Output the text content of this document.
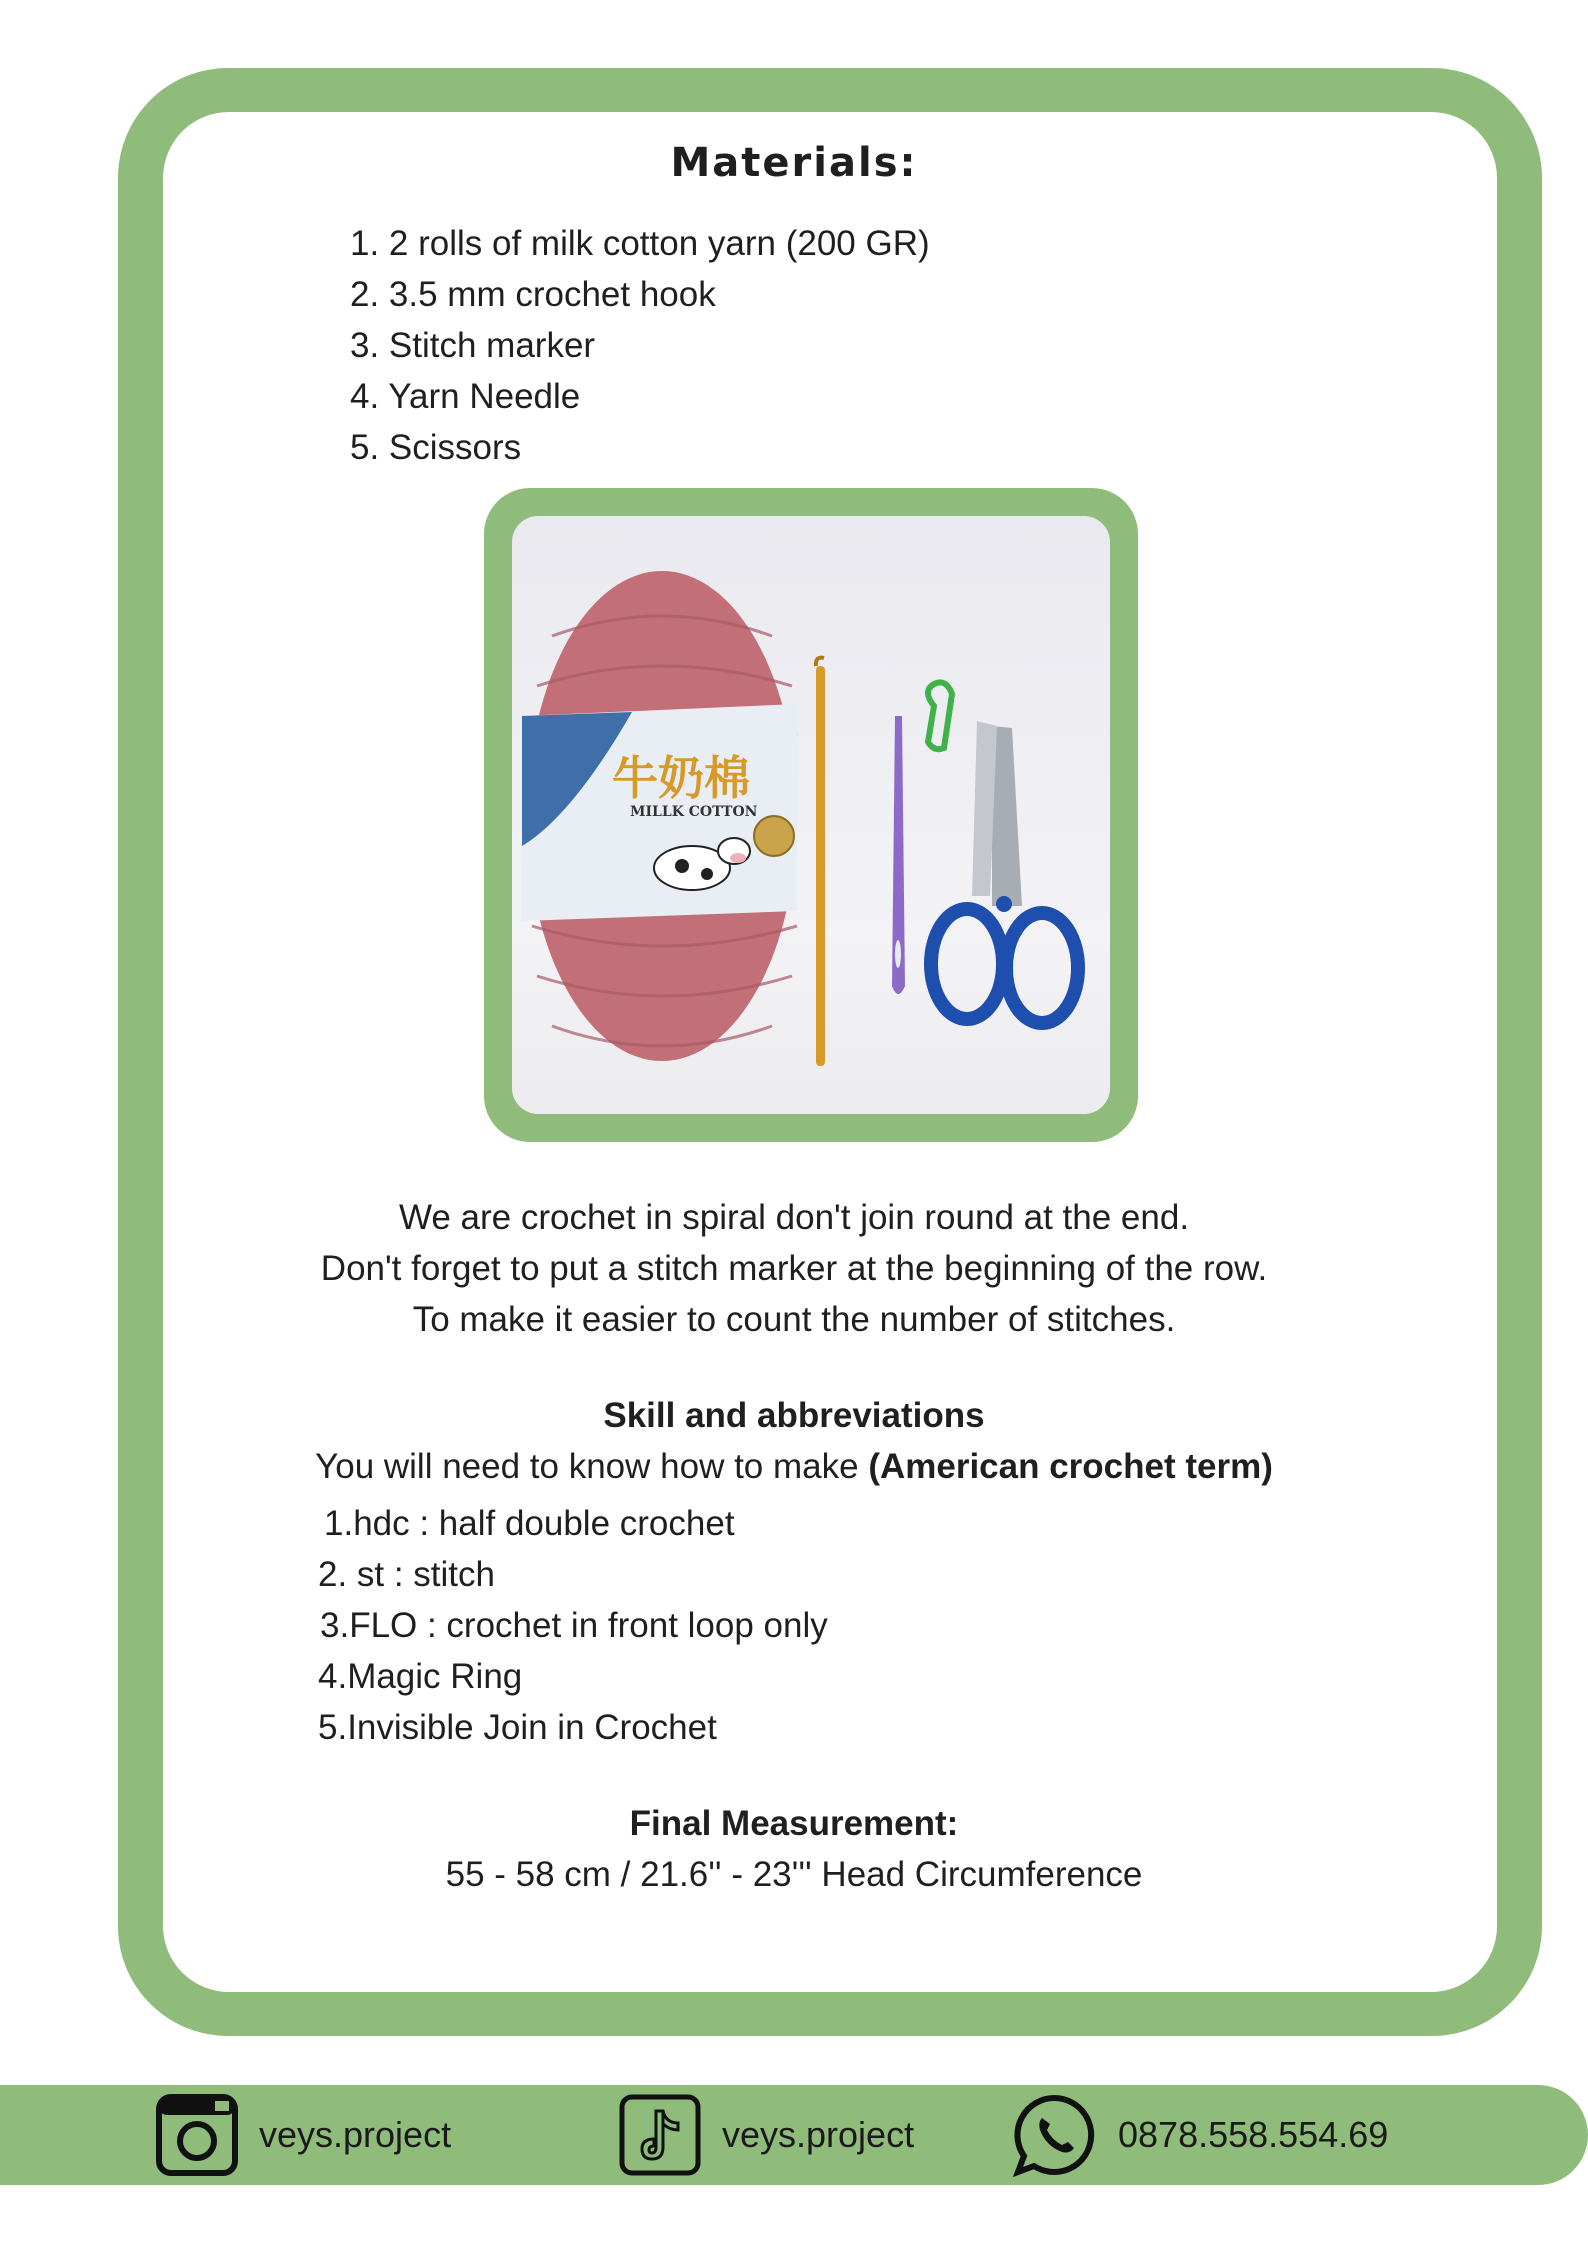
Materials:
1. 2 rolls of milk cotton yarn (200 GR)
2. 3.5 mm crochet hook
3. Stitch marker
4. Yarn Needle
5. Scissors
牛奶棉
MILLK COTTON
We are crochet in spiral don't join round at the end.
Don't forget to put a stitch marker at the beginning of the row.
To make it easier to count the number of stitches.
Skill and abbreviations
You will need to know how to make (American crochet term)
1.hdc : half double crochet
2. st : stitch
3.FLO : crochet in front loop only
4.Magic Ring
5.Invisible Join in Crochet
Final Measurement:
55 - 58 cm / 21.6'' - 23''' Head Circumference
veys.project	veys.project	0878.558.554.69
